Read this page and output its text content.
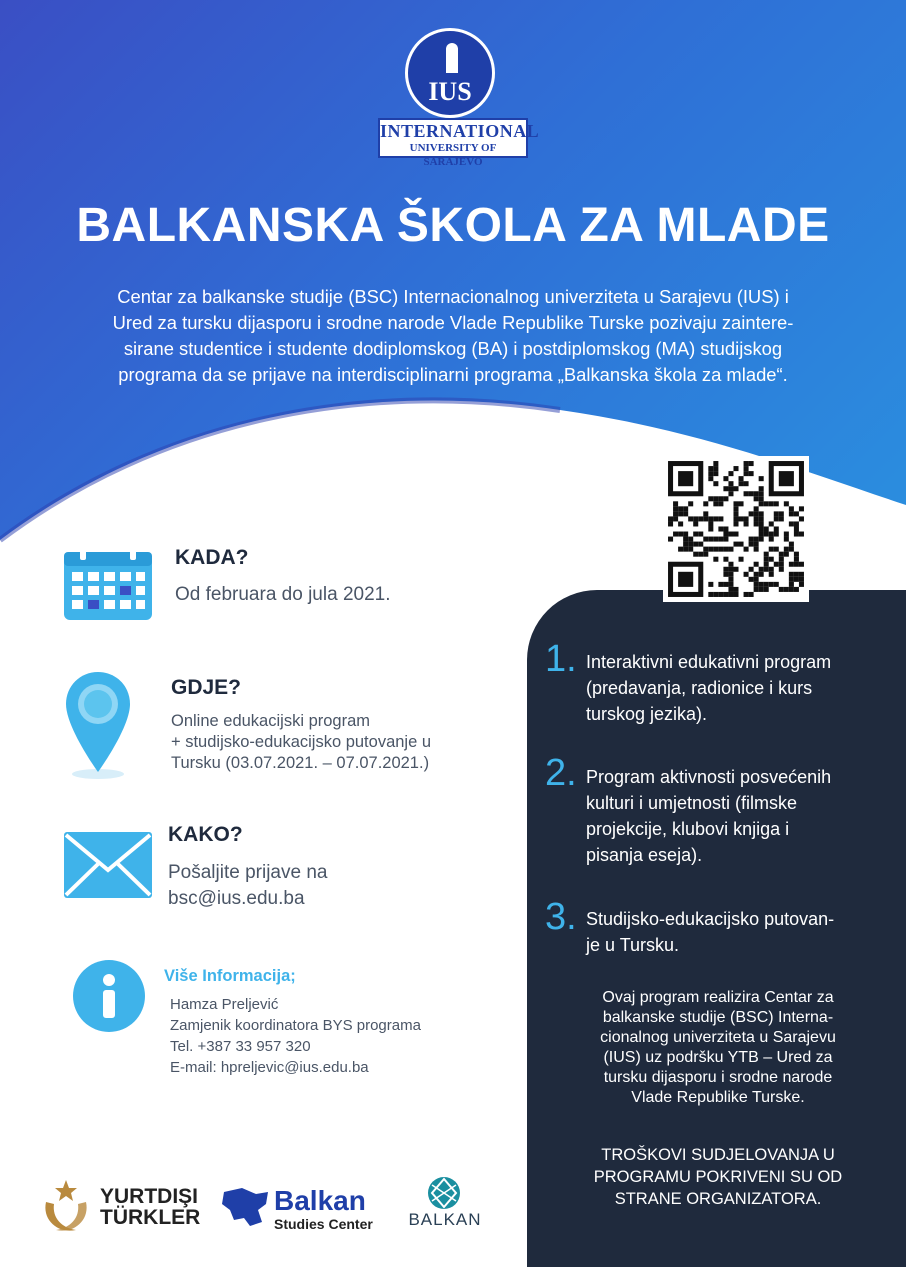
IUS
INTERNATIONAL
UNIVERSITY OF SARAJEVO
BALKANSKA ŠKOLA ZA MLADE
Centar za balkanske studije (BSC) Internacionalnog univerziteta u Sarajevu (IUS) i
Ured za tursku dijasporu i srodne narode Vlade Republike Turske pozivaju zaintere-
sirane studentice i studente dodiplomskog (BA) i postdiplomskog (MA) studijskog
programa da se prijave na interdisciplinarni programa „Balkanska škola za mlade“.
KADA?
Od februara do jula 2021.
GDJE?
Online edukacijski program
+ studijsko-edukacijsko putovanje u
Tursku (03.07.2021. – 07.07.2021.)
KAKO?
Pošaljite prijave na
bsc@ius.edu.ba
Više Informacija;
Hamza Preljević
Zamjenik koordinatora BYS programa
Tel. +387 33 957 320
E-mail: hpreljevic@ius.edu.ba
1. Interaktivni edukativni program
(predavanja, radionice i kurs
turskog jezika).
2. Program aktivnosti posvećenih
kulturi i umjetnosti (filmske
projekcije, klubovi knjiga i
pisanja eseja).
3. Studijsko-edukacijsko putovan-
je u Tursku.
Ovaj program realizira Centar za
balkanske studije (BSC) Interna-
cionalnog univerziteta u Sarajevu
(IUS) uz podršku YTB – Ured za
tursku dijasporu i srodne narode
Vlade Republike Turske.
TROŠKOVI SUDJELOVANJA U
PROGRAMU POKRIVENI SU OD
STRANE ORGANIZATORA.
YURTDIŞI
TÜRKLER
Balkan
Studies Center	BALKAN
